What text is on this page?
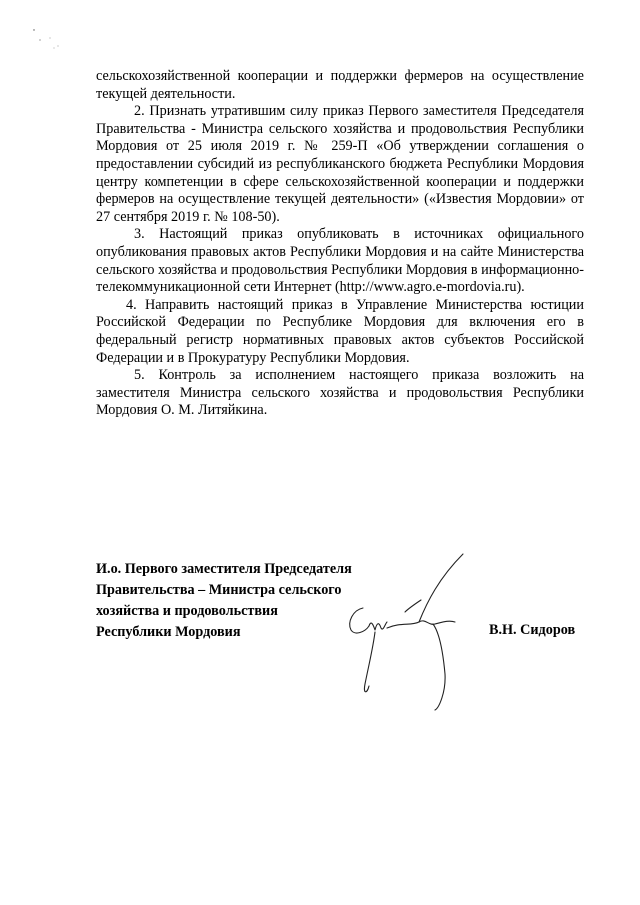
сельскохозяйственной кооперации и поддержки фермеров на осуществление текущей деятельности.

2. Признать утратившим силу приказ Первого заместителя Председателя Правительства - Министра сельского хозяйства и продовольствия Республики Мордовия от 25 июля 2019 г. № 259-П «Об утверждении соглашения о предоставлении субсидий из республиканского бюджета Республики Мордовия центру компетенции в сфере сельскохозяйственной кооперации и поддержки фермеров на осуществление текущей деятельности» («Известия Мордовии» от 27 сентября 2019 г. № 108-50).

3. Настоящий приказ опубликовать в источниках официального опубликования правовых актов Республики Мордовия и на сайте Министерства сельского хозяйства и продовольствия Республики Мордовия в информационно-телекоммуникационной сети Интернет (http://www.agro.e-mordovia.ru).

4. Направить настоящий приказ в Управление Министерства юстиции Российской Федерации по Республике Мордовия для включения его в федеральный регистр нормативных правовых актов субъектов Российской Федерации и в Прокуратуру Республики Мордовия.

5. Контроль за исполнением настоящего приказа возложить на заместителя Министра сельского хозяйства и продовольствия Республики Мордовия О. М. Литяйкина.

И.о. Первого заместителя Председателя
Правительства – Министра сельского
хозяйства и продовольствия
Республики Мордовия	В.Н. Сидоров
